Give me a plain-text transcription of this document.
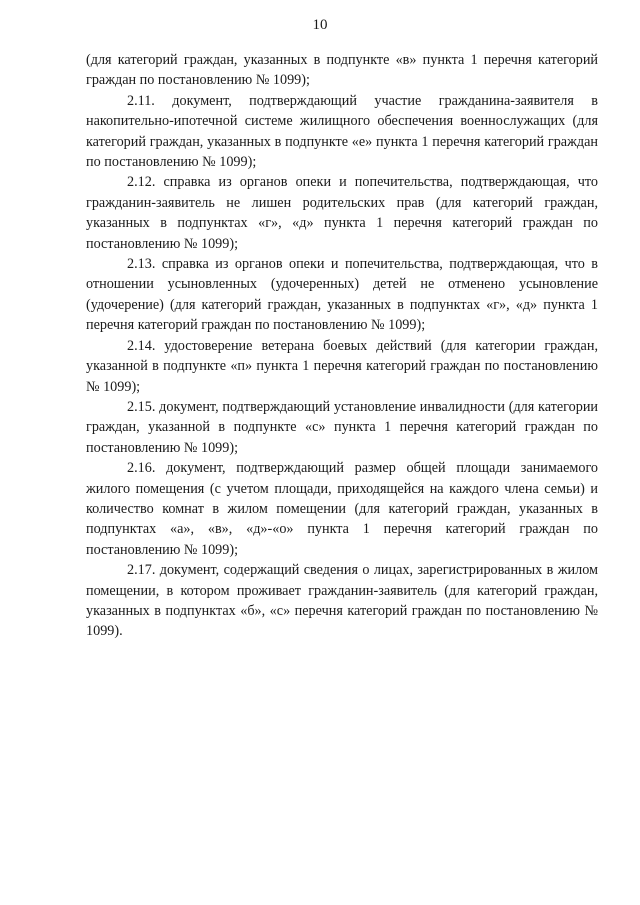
10

(для категорий граждан, указанных в подпункте «в» пункта 1 перечня категорий граждан по постановлению № 1099);

2.11. документ, подтверждающий участие гражданина-заявителя в накопительно-ипотечной системе жилищного обеспечения военнослужащих (для категорий граждан, указанных в подпункте «е» пункта 1 перечня категорий граждан по постановлению № 1099);

2.12. справка из органов опеки и попечительства, подтверждающая, что гражданин-заявитель не лишен родительских прав (для категорий граждан, указанных в подпунктах «г», «д» пункта 1 перечня категорий граждан по постановлению № 1099);

2.13. справка из органов опеки и попечительства, подтверждающая, что в отношении усыновленных (удочеренных) детей не отменено усыновление (удочерение) (для категорий граждан, указанных в подпунктах «г», «д» пункта 1 перечня категорий граждан по постановлению № 1099);

2.14. удостоверение ветерана боевых действий (для категории граждан, указанной в подпункте «п» пункта 1 перечня категорий граждан по постановлению № 1099);

2.15. документ, подтверждающий установление инвалидности (для категории граждан, указанной в подпункте «с» пункта 1 перечня категорий граждан по постановлению № 1099);

2.16. документ, подтверждающий размер общей площади занимаемого жилого помещения (с учетом площади, приходящейся на каждого члена семьи) и количество комнат в жилом помещении (для категорий граждан, указанных в подпунктах «а», «в», «д»-«о» пункта 1 перечня категорий граждан по постановлению № 1099);

2.17. документ, содержащий сведения о лицах, зарегистрированных в жилом помещении, в котором проживает гражданин-заявитель (для категорий граждан, указанных в подпунктах «б», «с» перечня категорий граждан по постановлению № 1099).
